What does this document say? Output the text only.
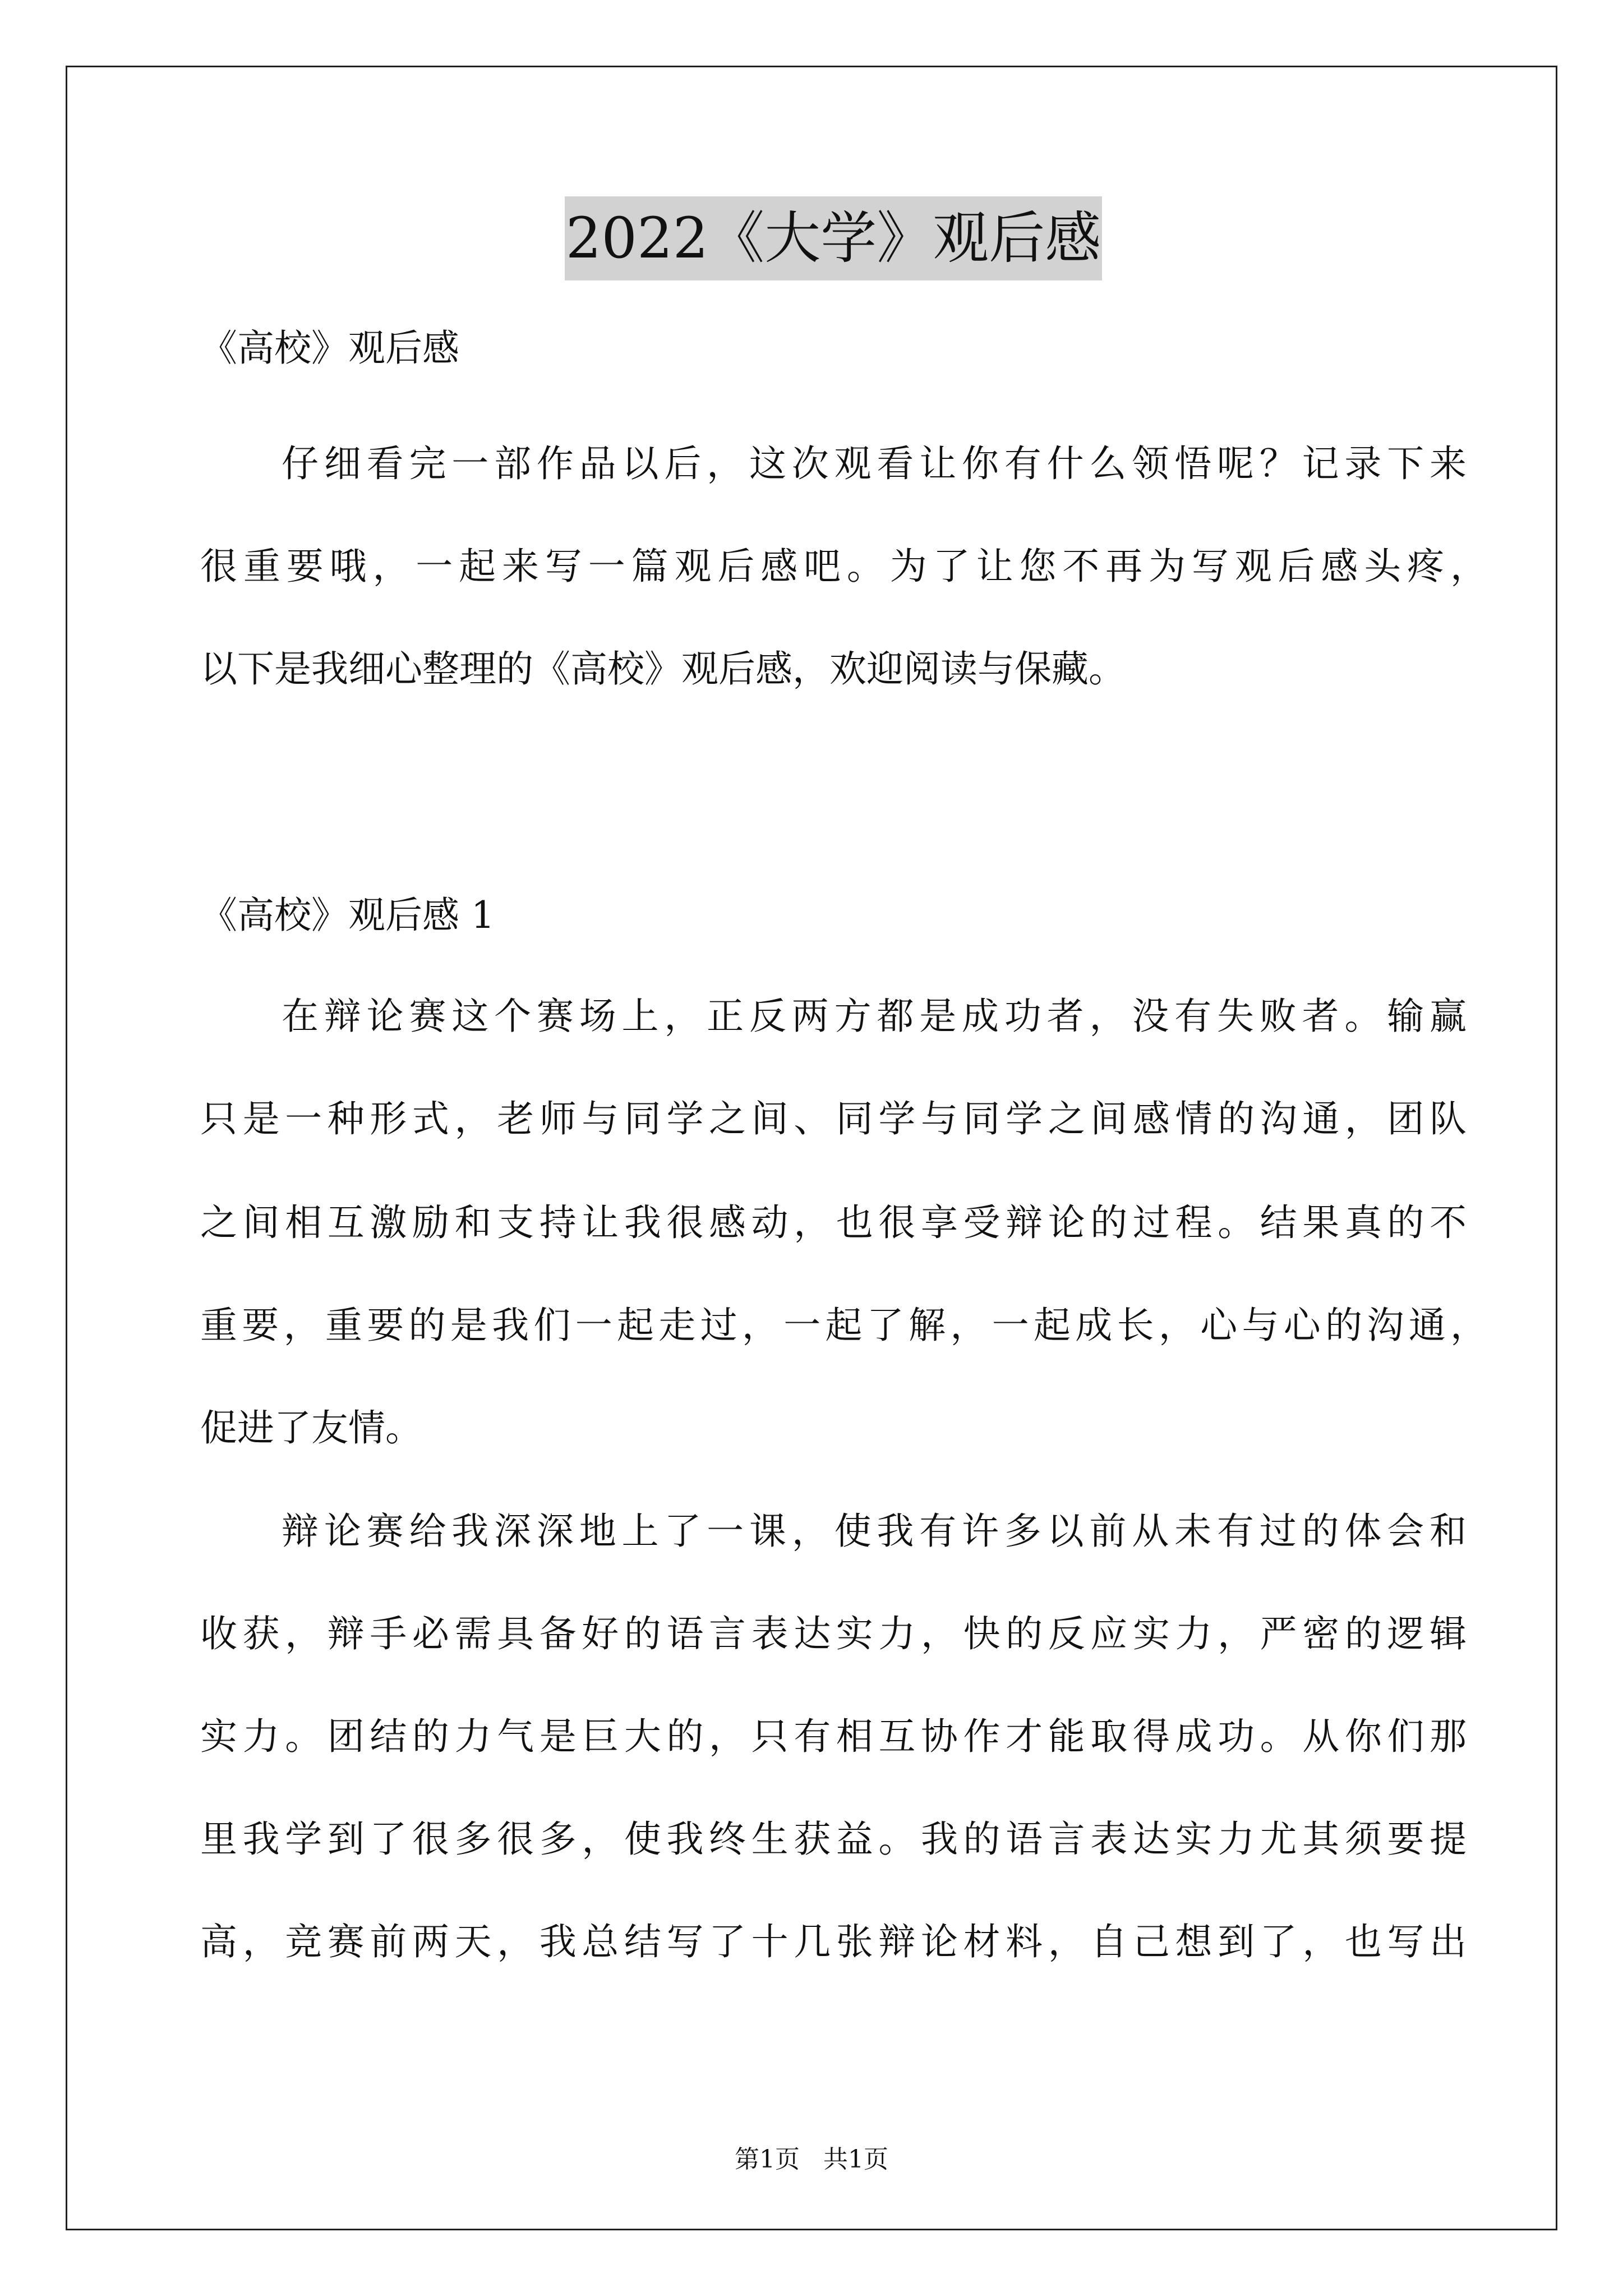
2022《大学》观后感
《高校》观后感
仔细看完一部作品以后，这次观看让你有什么领悟呢？记录下来
很重要哦，一起来写一篇观后感吧。为了让您不再为写观后感头疼，
以下是我细心整理的《高校》观后感，欢迎阅读与保藏。
《高校》观后感 1
在辩论赛这个赛场上，正反两方都是成功者，没有失败者。输赢
只是一种形式，老师与同学之间、同学与同学之间感情的沟通，团队
之间相互激励和支持让我很感动，也很享受辩论的过程。结果真的不
重要，重要的是我们一起走过，一起了解，一起成长，心与心的沟通，
促进了友情。
辩论赛给我深深地上了一课，使我有许多以前从未有过的体会和
收获，辩手必需具备好的语言表达实力，快的反应实力，严密的逻辑
实力。团结的力气是巨大的，只有相互协作才能取得成功。从你们那
里我学到了很多很多，使我终生获益。我的语言表达实力尤其须要提
高，竞赛前两天，我总结写了十几张辩论材料，自己想到了，也写出
第1页   共1页
